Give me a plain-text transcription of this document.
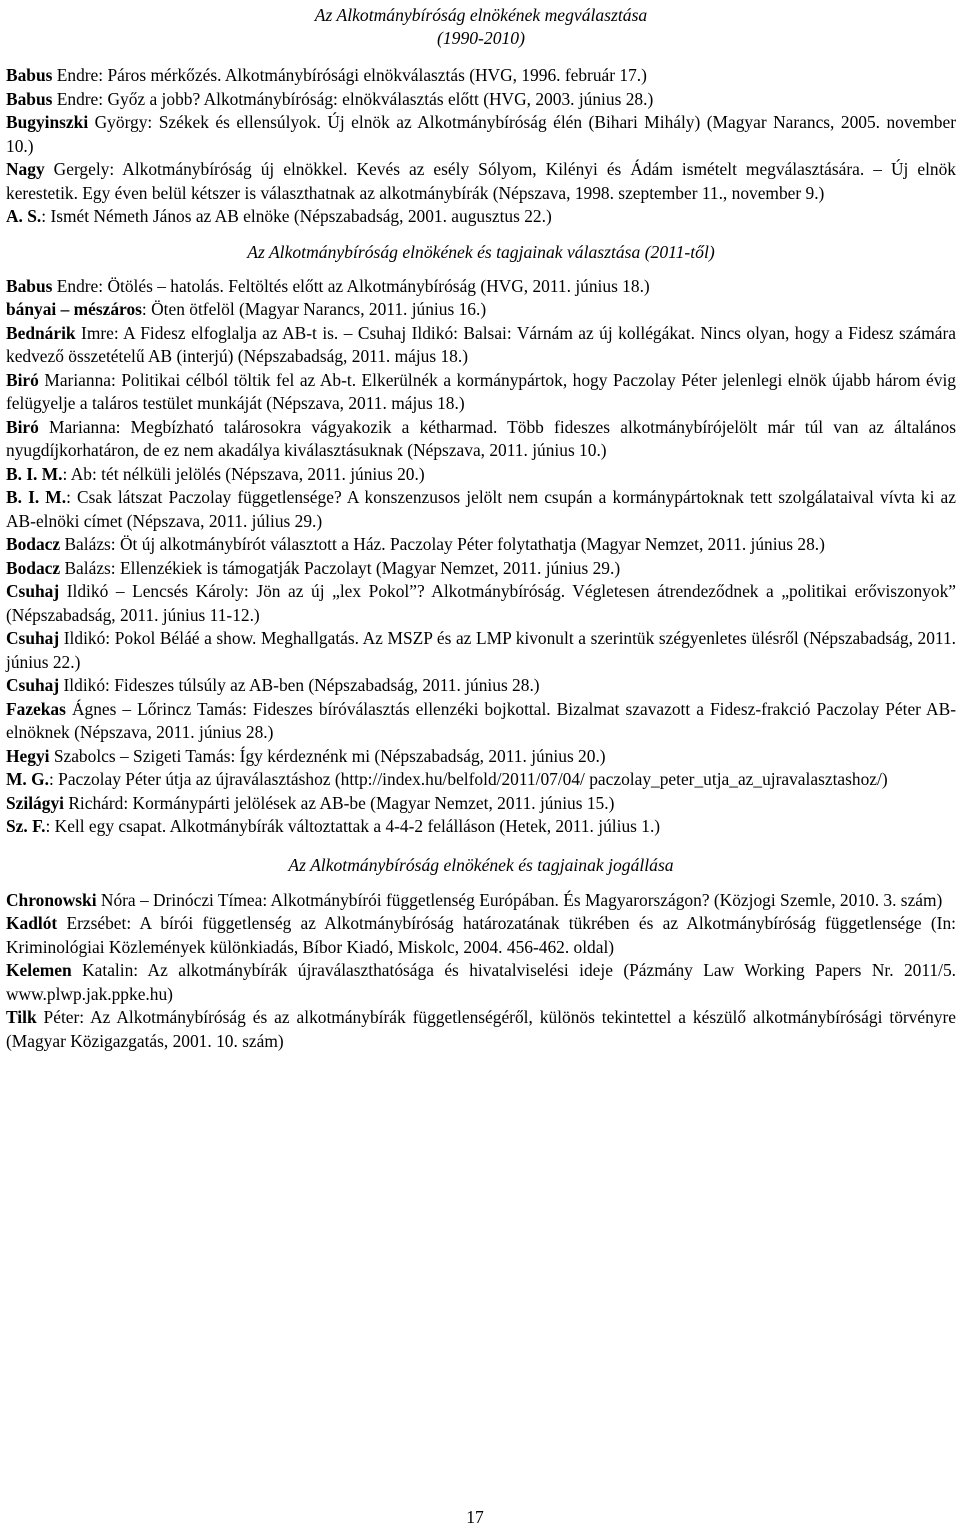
Az Alkotmánybíróság elnökének megválasztása
(1990-2010)

Babus Endre: Páros mérkőzés. Alkotmánybírósági elnökválasztás (HVG, 1996. február 17.)

Babus Endre: Győz a jobb? Alkotmánybíróság: elnökválasztás előtt (HVG, 2003. június 28.)

Bugyinszki György: Székek és ellensúlyok. Új elnök az Alkotmánybíróság élén (Bihari Mihály) (Magyar Narancs, 2005. november 10.)

Nagy Gergely: Alkotmánybíróság új elnökkel. Kevés az esély Sólyom, Kilényi és Ádám ismételt megválasztására. – Új elnök kerestetik. Egy éven belül kétszer is választhatnak az alkotmánybírák (Népszava, 1998. szeptember 11., november 9.)

A. S.: Ismét Németh János az AB elnöke (Népszabadság, 2001. augusztus 22.)

Az Alkotmánybíróság elnökének és tagjainak választása (2011-től)

Babus Endre: Ötölés – hatolás. Feltöltés előtt az Alkotmánybíróság (HVG, 2011. június 18.)

bányai – mészáros: Öten ötfelöl (Magyar Narancs, 2011. június 16.)

Bednárik Imre: A Fidesz elfoglalja az AB-t is. – Csuhaj Ildikó: Balsai: Várnám az új kollégákat. Nincs olyan, hogy a Fidesz számára kedvező összetételű AB (interjú) (Népszabadság, 2011. május 18.)

Biró Marianna: Politikai célból töltik fel az Ab-t. Elkerülnék a kormánypártok, hogy Paczolay Péter jelenlegi elnök újabb három évig felügyelje a taláros testület munkáját (Népszava, 2011. május 18.)

Biró Marianna: Megbízható talárosokra vágyakozik a kétharmad. Több fideszes alkotmánybírójelölt már túl van az általános nyugdíjkorhatáron, de ez nem akadálya kiválasztásuknak (Népszava, 2011. június 10.)

B. I. M.: Ab: tét nélküli jelölés (Népszava, 2011. június 20.)

B. I. M.: Csak látszat Paczolay függetlensége? A konszenzusos jelölt nem csupán a kormánypártoknak tett szolgálataival vívta ki az AB-elnöki címet (Népszava, 2011. július 29.)

Bodacz Balázs: Öt új alkotmánybírót választott a Ház. Paczolay Péter folytathatja (Magyar Nemzet, 2011. június 28.)

Bodacz Balázs: Ellenzékiek is támogatják Paczolayt (Magyar Nemzet, 2011. június 29.)

Csuhaj Ildikó – Lencsés Károly: Jön az új „lex Pokol”? Alkotmánybíróság. Végletesen átrendeződnek a „politikai erőviszonyok” (Népszabadság, 2011. június 11-12.)

Csuhaj Ildikó: Pokol Béláé a show. Meghallgatás. Az MSZP és az LMP kivonult a szerintük szégyenletes ülésről (Népszabadság, 2011. június 22.)

Csuhaj Ildikó: Fideszes túlsúly az AB-ben (Népszabadság, 2011. június 28.)

Fazekas Ágnes – Lőrincz Tamás: Fideszes bíróválasztás ellenzéki bojkottal. Bizalmat szavazott a Fidesz-frakció Paczolay Péter AB-elnöknek (Népszava, 2011. június 28.)

Hegyi Szabolcs – Szigeti Tamás: Így kérdeznénk mi (Népszabadság, 2011. június 20.)

M. G.: Paczolay Péter útja az újraválasztáshoz (http://index.hu/belfold/2011/07/04/ paczolay_peter_utja_az_ujravalasztashoz/)

Szilágyi Richárd: Kormánypárti jelölések az AB-be (Magyar Nemzet, 2011. június 15.)

Sz. F.: Kell egy csapat. Alkotmánybírák változtattak a 4-4-2 felálláson (Hetek, 2011. július 1.)

Az Alkotmánybíróság elnökének és tagjainak jogállása

Chronowski Nóra – Drinóczi Tímea: Alkotmánybírói függetlenség Európában. És Magyarországon? (Közjogi Szemle, 2010. 3. szám)

Kadlót Erzsébet: A bírói függetlenség az Alkotmánybíróság határozatának tükrében és az Alkotmánybíróság függetlensége (In: Kriminológiai Közlemények különkiadás, Bíbor Kiadó, Miskolc, 2004. 456-462. oldal)

Kelemen Katalin: Az alkotmánybírák újraválaszthatósága és hivatalviselési ideje (Pázmány Law Working Papers Nr. 2011/5. www.plwp.jak.ppke.hu)

Tilk Péter: Az Alkotmánybíróság és az alkotmánybírák függetlenségéről, különös tekintettel a készülő alkotmánybírósági törvényre (Magyar Közigazgatás, 2001. 10. szám)

17
